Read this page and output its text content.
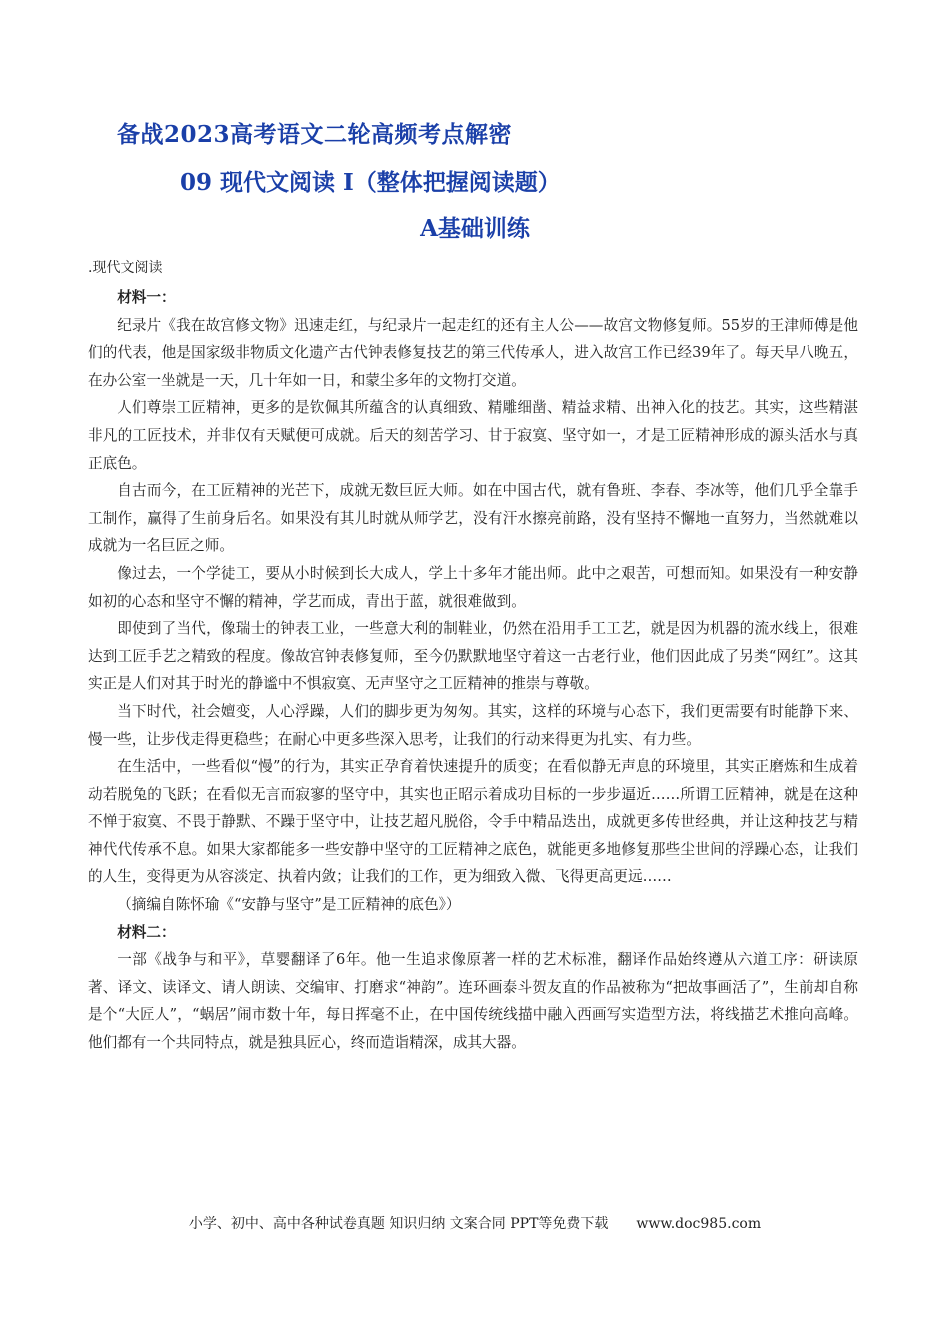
备战2023高考语文二轮高频考点解密
09 现代文阅读 I（整体把握阅读题）
A基础训练
.现代文阅读

材料一：

纪录片《我在故宫修文物》迅速走红，与纪录片一起走红的还有主人公——故宫文物修复师。55岁的王津师傅是他们的代表，他是国家级非物质文化遗产古代钟表修复技艺的第三代传承人，进入故宫工作已经39年了。每天早八晚五，在办公室一坐就是一天，几十年如一日，和蒙尘多年的文物打交道。

人们尊崇工匠精神，更多的是钦佩其所蕴含的认真细致、精雕细凿、精益求精、出神入化的技艺。其实，这些精湛非凡的工匠技术，并非仅有天赋便可成就。后天的刻苦学习、甘于寂寞、坚守如一，才是工匠精神形成的源头活水与真正底色。

自古而今，在工匠精神的光芒下，成就无数巨匠大师。如在中国古代，就有鲁班、李春、李冰等，他们几乎全靠手工制作，赢得了生前身后名。如果没有其儿时就从师学艺，没有汗水擦亮前路，没有坚持不懈地一直努力，当然就难以成就为一名巨匠之师。

像过去，一个学徒工，要从小时候到长大成人，学上十多年才能出师。此中之艰苦，可想而知。如果没有一种安静如初的心态和坚守不懈的精神，学艺而成，青出于蓝，就很难做到。

即使到了当代，像瑞士的钟表工业，一些意大利的制鞋业，仍然在沿用手工工艺，就是因为机器的流水线上，很难达到工匠手艺之精致的程度。像故宫钟表修复师，至今仍默默地坚守着这一古老行业，他们因此成了另类“网红”。这其实正是人们对其于时光的静谧中不惧寂寞、无声坚守之工匠精神的推崇与尊敬。

当下时代，社会嬗变，人心浮躁，人们的脚步更为匆匆。其实，这样的环境与心态下，我们更需要有时能静下来、慢一些，让步伐走得更稳些；在耐心中更多些深入思考，让我们的行动来得更为扎实、有力些。

在生活中，一些看似“慢”的行为，其实正孕育着快速提升的质变；在看似静无声息的环境里，其实正磨炼和生成着动若脱兔的飞跃；在看似无言而寂寥的坚守中，其实也正昭示着成功目标的一步步逼近……所谓工匠精神，就是在这种不惮于寂寞、不畏于静默、不躁于坚守中，让技艺超凡脱俗，令手中精品迭出，成就更多传世经典，并让这种技艺与精神代代传承不息。如果大家都能多一些安静中坚守的工匠精神之底色，就能更多地修复那些尘世间的浮躁心态，让我们的人生，变得更为从容淡定、执着内敛；让我们的工作，更为细致入微、飞得更高更远……

（摘编自陈怀瑜《“安静与坚守”是工匠精神的底色》）

材料二：

一部《战争与和平》，草婴翻译了6年。他一生追求像原著一样的艺术标准，翻译作品始终遵从六道工序：研读原著、译文、读译文、请人朗读、交编审、打磨求“神韵”。连环画泰斗贺友直的作品被称为“把故事画活了”，生前却自称是个“大匠人”，“蜗居”闹市数十年，每日挥毫不止，在中国传统线描中融入西画写实造型方法，将线描艺术推向高峰。他们都有一个共同特点，就是独具匠心，终而造诣精深，成其大器。

小学、初中、高中各种试卷真题 知识归纳 文案合同 PPT等免费下载 www.doc985.com
